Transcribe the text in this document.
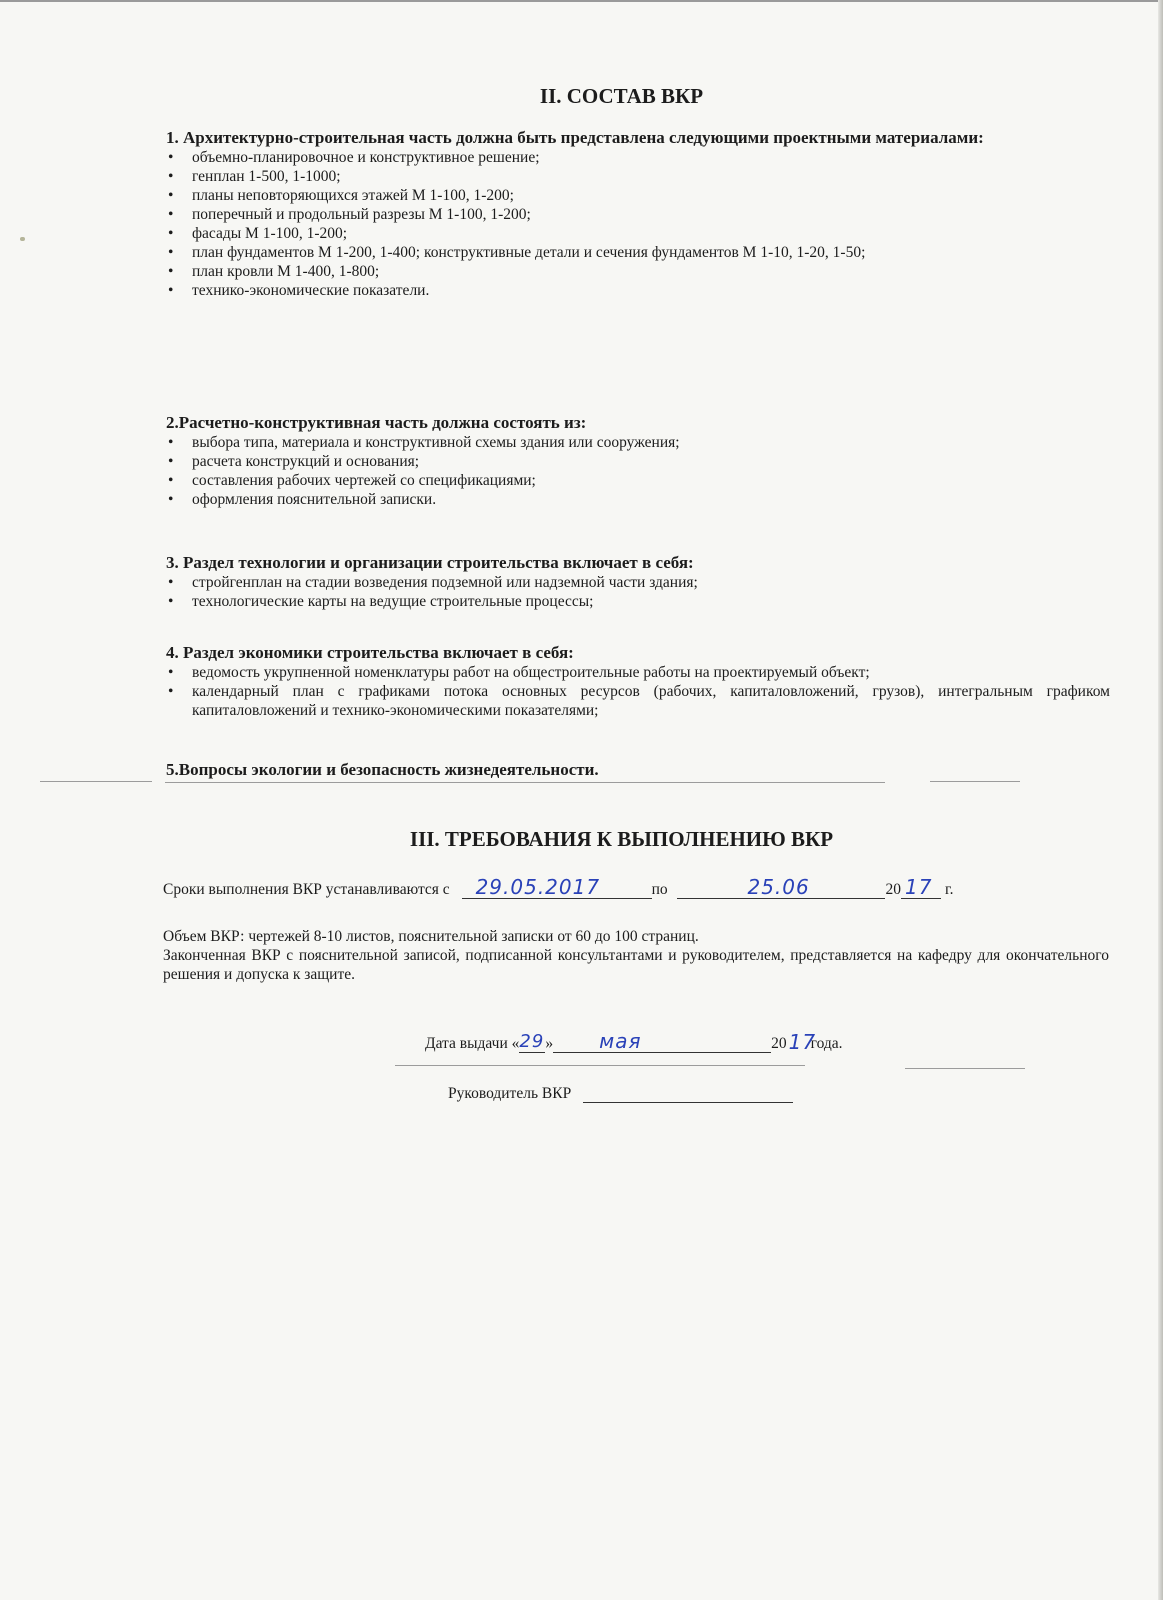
II. СОСТАВ ВКР
1. Архитектурно-строительная часть должна быть представлена следующими проектными материалами:
• объемно-планировочное и конструктивное решение;
• генплан 1-500, 1-1000;
• планы неповторяющихся этажей М 1-100, 1-200;
• поперечный и продольный разрезы М 1-100, 1-200;
• фасады М 1-100, 1-200;
• план фундаментов М 1-200, 1-400; конструктивные детали и сечения фундаментов М 1-10, 1-20, 1-50;
• план кровли М 1-400, 1-800;
• технико-экономические показатели.
2.Расчетно-конструктивная часть должна состоять из:
• выбора типа, материала и конструктивной схемы здания или сооружения;
• расчета конструкций и основания;
• составления рабочих чертежей со спецификациями;
• оформления пояснительной записки.
3. Раздел технологии и организации строительства включает в себя:
• стройгенплан на стадии возведения подземной или надземной части здания;
• технологические карты на ведущие строительные процессы;
4. Раздел экономики строительства включает в себя:
• ведомость укрупненной номенклатуры работ на общестроительные работы на проектируемый объект;
• календарный план с графиками потока основных ресурсов (рабочих, капиталовложений, грузов), интегральным графиком капиталовложений и технико-экономическими показателями;
5.Вопросы экологии и безопасность жизнедеятельности.
III. ТРЕБОВАНИЯ К ВЫПОЛНЕНИЮ ВКР
Сроки выполнения ВКР устанавливаются с 29.05.2017	по	25.06	20 17 г.
Объем ВКР: чертежей 8-10 листов, пояснительной записки от 60 до 100 страниц.
Законченная ВКР с пояснительной записой, подписанной консультантами и руководителем, представляется на кафедру для окончательного решения и допуска к защите.
Дата выдачи « 29 » мая	20 17
года.
Руководитель ВКР
